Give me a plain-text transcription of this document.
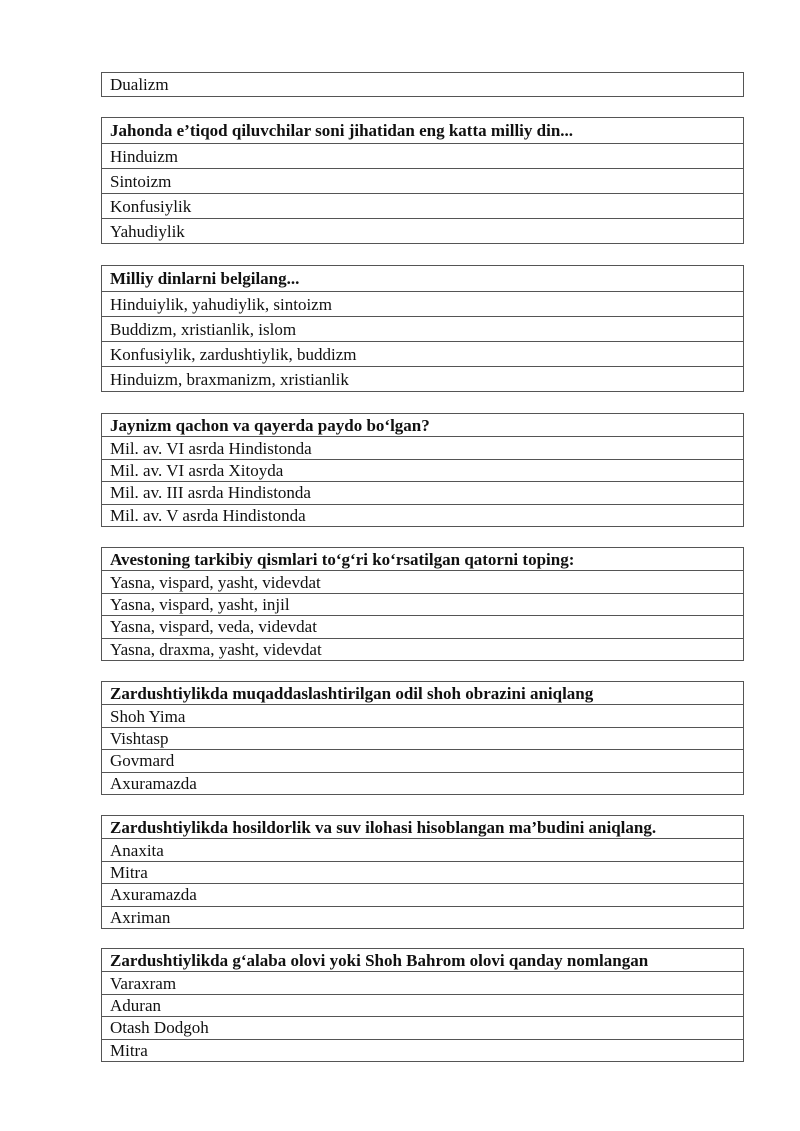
Dualizm
Jahonda e’tiqod qiluvchilar soni jihatidan eng katta milliy din...
Hinduizm
Sintoizm
Konfusiylik
Yahudiylik
Milliy dinlarni belgilang...
Hinduiylik, yahudiylik, sintoizm
Buddizm, xristianlik, islom
Konfusiylik, zardushtiylik, buddizm
Hinduizm, braxmanizm, xristianlik
Jaynizm qachon va qayerda paydo bo‘lgan?
Mil. av. VI asrda Hindistonda
Mil. av. VI asrda Xitoyda
Mil. av. III asrda Hindistonda
Mil. av. V asrda Hindistonda
Avestoning tarkibiy qismlari to‘g‘ri ko‘rsatilgan qatorni toping:
Yasna, vispard, yasht, videvdat
Yasna, vispard, yasht, injil
Yasna, vispard, veda, videvdat
Yasna, draxma, yasht, videvdat
Zardushtiylikda muqaddaslashtirilgan odil shoh obrazini aniqlang
Shoh Yima
Vishtasp
Govmard
Axuramazda
Zardushtiylikda hosildorlik va suv ilohasi hisoblangan ma’budini aniqlang.
Anaxita
Mitra
Axuramazda
Axriman
Zardushtiylikda g‘alaba olovi yoki Shoh Bahrom olovi qanday nomlangan
Varaxram
Aduran
Otash Dodgoh
Mitra
